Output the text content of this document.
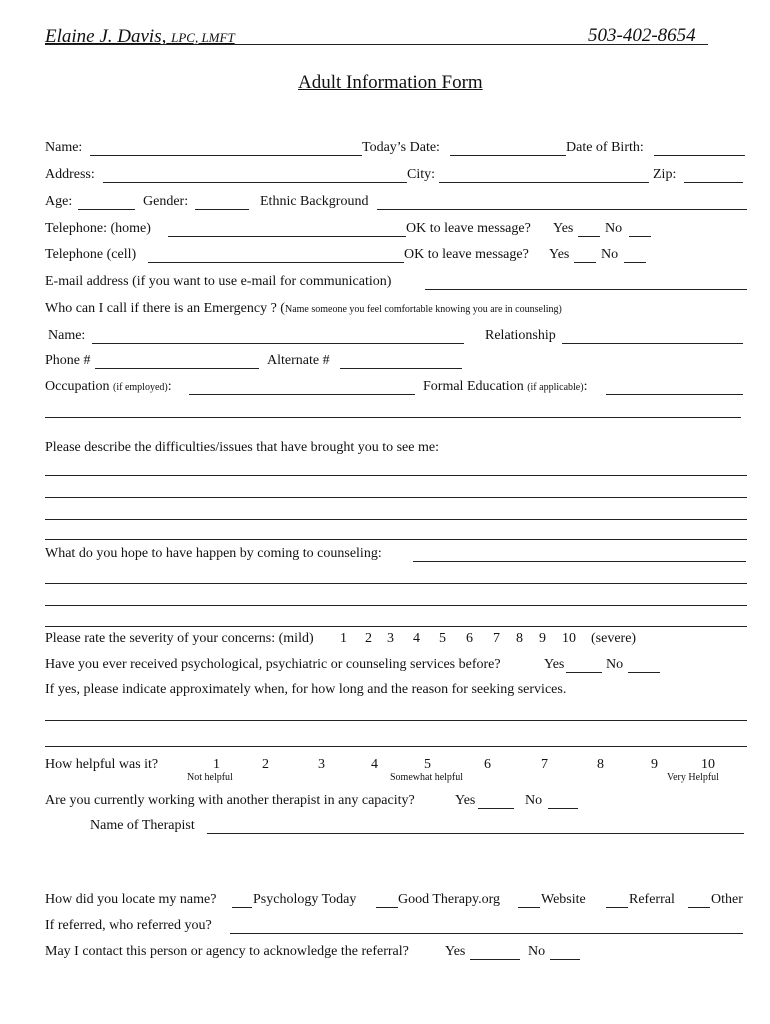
Elaine J. Davis, LPC, LMFT	503-402-8654
Adult Information Form
Name:	Today’s Date:	Date of Birth:
Address:	City:	Zip:
Age:	Gender:	Ethnic Background
Telephone: (home)	OK to leave message? Yes No
Telephone (cell)	OK to leave message? Yes No
E-mail address (if you want to use e-mail for communication)
Who can I call if there is an Emergency ? (Name someone you feel comfortable knowing you are in counseling)
Name:	Relationship
Phone #	Alternate #
Occupation (if employed):	Formal Education (if applicable):
Please describe the difficulties/issues that have brought you to see me:
What do you hope to have happen by coming to counseling:
Please rate the severity of your concerns: (mild) 1 2 3 4 5 6 7 8 9 10 (severe)
Have you ever received psychological, psychiatric or counseling services before?	Yes	No
If yes, please indicate approximately when, for how long and the reason for seeking services.
How helpful was it?	1	2	3	4	5	6	7	8	9	10
Not helpful	Somewhat helpful	Very Helpful
Are you currently working with another therapist in any capacity?	Yes	No
Name of Therapist
How did you locate my name?	Psychology Today	Good Therapy.org	Website	Referral	Other
If referred, who referred you?
May I contact this person or agency to acknowledge the referral?	Yes	No
